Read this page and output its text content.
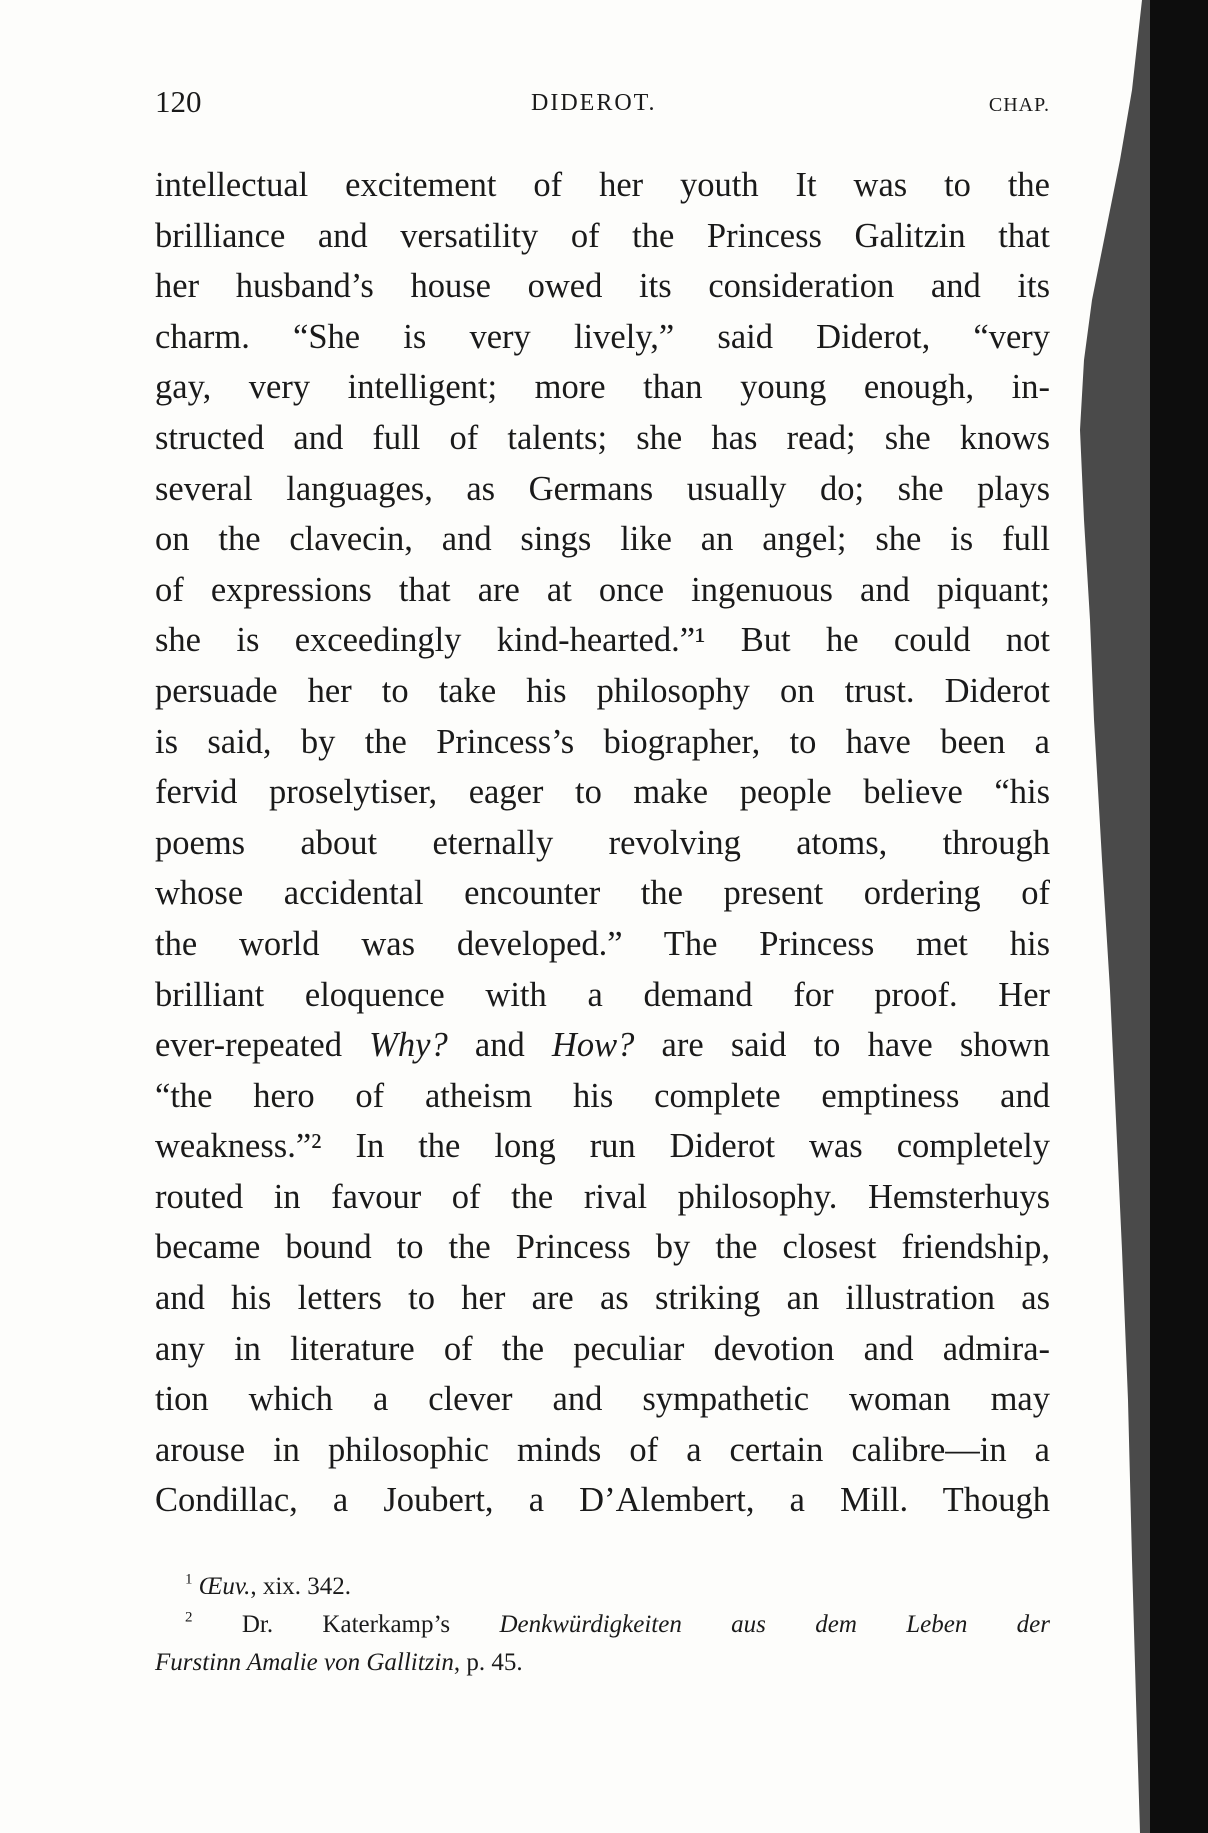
120	DIDEROT.	CHAP.
intellectual excitement of her youth It was to the
brilliance and versatility of the Princess Galitzin that
her husband’s house owed its consideration and its
charm. “She is very lively,” said Diderot, “very
gay, very intelligent; more than young enough, in-
structed and full of talents; she has read; she knows
several languages, as Germans usually do; she plays
on the clavecin, and sings like an angel; she is full
of expressions that are at once ingenuous and piquant;
she is exceedingly kind-hearted.”¹ But he could not
persuade her to take his philosophy on trust. Diderot
is said, by the Princess’s biographer, to have been a
fervid proselytiser, eager to make people believe “his
poems about eternally revolving atoms, through
whose accidental encounter the present ordering of
the world was developed.” The Princess met his
brilliant eloquence with a demand for proof. Her
ever-repeated Why? and How? are said to have shown
“the hero of atheism his complete emptiness and
weakness.”² In the long run Diderot was completely
routed in favour of the rival philosophy. Hemsterhuys
became bound to the Princess by the closest friendship,
and his letters to her are as striking an illustration as
any in literature of the peculiar devotion and admira-
tion which a clever and sympathetic woman may
arouse in philosophic minds of a certain calibre—in a
Condillac, a Joubert, a D’Alembert, a Mill. Though
$^1$ Œuv., xix. 342.
$^2$ Dr. Katerkamp’s Denkwürdigkeiten aus dem Leben der
Furstinn Amalie von Gallitzin, p. 45.
